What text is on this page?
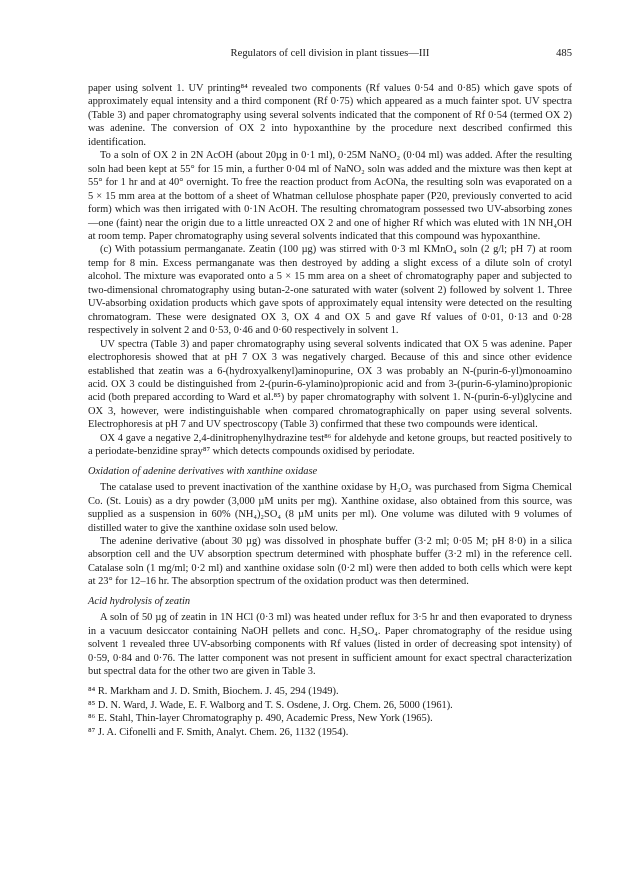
Regulators of cell division in plant tissues—III	485

paper using solvent 1. UV printing⁸⁴ revealed two components (Rf values 0·54 and 0·85) which gave spots of approximately equal intensity and a third component (Rf 0·75) which appeared as a much fainter spot. UV spectra (Table 3) and paper chromatography using several solvents indicated that the component of Rf 0·54 (termed OX 2) was adenine. The conversion of OX 2 into hypoxanthine by the procedure next described confirmed this identification.

To a soln of OX 2 in 2N AcOH (about 20µg in 0·1 ml), 0·25M NaNO₂ (0·04 ml) was added. After the resulting soln had been kept at 55° for 15 min, a further 0·04 ml of NaNO₂ soln was added and the mixture was then kept at 55° for 1 hr and at 40° overnight. To free the reaction product from AcONa, the resulting soln was evaporated on a 5 × 15 mm area at the bottom of a sheet of Whatman cellulose phosphate paper (P20, previously converted to acid form) which was then irrigated with 0·1N AcOH. The resulting chromatogram possessed two UV-absorbing zones—one (faint) near the origin due to a little unreacted OX 2 and one of higher Rf which was eluted with 1N NH₄OH at room temp. Paper chromatography using several solvents indicated that this compound was hypoxanthine.

(c) With potassium permanganate. Zeatin (100 µg) was stirred with 0·3 ml KMnO₄ soln (2 g/l; pH 7) at room temp for 8 min. Excess permanganate was then destroyed by adding a slight excess of a dilute soln of crotyl alcohol. The mixture was evaporated onto a 5 × 15 mm area on a sheet of chromatography paper and subjected to two-dimensional chromatography using butan-2-one saturated with water (solvent 2) followed by solvent 1. Three UV-absorbing oxidation products which gave spots of approximately equal intensity were detected on the resulting chromatogram. These were designated OX 3, OX 4 and OX 5 and gave Rf values of 0·01, 0·13 and 0·28 respectively in solvent 2 and 0·53, 0·46 and 0·60 respectively in solvent 1.

UV spectra (Table 3) and paper chromatography using several solvents indicated that OX 5 was adenine. Paper electrophoresis showed that at pH 7 OX 3 was negatively charged. Because of this and since other evidence established that zeatin was a 6-(hydroxyalkenyl)aminopurine, OX 3 was probably an N-(purin-6-yl)monoamino acid. OX 3 could be distinguished from 2-(purin-6-ylamino)propionic acid and from 3-(purin-6-ylamino)propionic acid (both prepared according to Ward et al.⁸⁵) by paper chromatography with solvent 1. N-(purin-6-yl)glycine and OX 3, however, were indistinguishable when compared chromatographically on paper using several solvents. Electrophoresis at pH 7 and UV spectroscopy (Table 3) confirmed that these two compounds were identical.

OX 4 gave a negative 2,4-dinitrophenylhydrazine test⁸⁶ for aldehyde and ketone groups, but reacted positively to a periodate-benzidine spray⁸⁷ which detects compounds oxidised by periodate.

Oxidation of adenine derivatives with xanthine oxidase

The catalase used to prevent inactivation of the xanthine oxidase by H₂O₂ was purchased from Sigma Chemical Co. (St. Louis) as a dry powder (3,000 µM units per mg). Xanthine oxidase, also obtained from this source, was supplied as a suspension in 60% (NH₄)₂SO₄ (8 µM units per ml). One volume was diluted with 9 volumes of distilled water to give the xanthine oxidase soln used below.

The adenine derivative (about 30 µg) was dissolved in phosphate buffer (3·2 ml; 0·05 M; pH 8·0) in a silica absorption cell and the UV absorption spectrum determined with phosphate buffer (3·2 ml) in the reference cell. Catalase soln (1 mg/ml; 0·2 ml) and xanthine oxidase soln (0·2 ml) were then added to both cells which were kept at 23° for 12–16 hr. The absorption spectrum of the oxidation product was then determined.

Acid hydrolysis of zeatin

A soln of 50 µg of zeatin in 1N HCl (0·3 ml) was heated under reflux for 3·5 hr and then evaporated to dryness in a vacuum desiccator containing NaOH pellets and conc. H₂SO₄. Paper chromatography of the residue using solvent 1 revealed three UV-absorbing components with Rf values (listed in order of decreasing spot intensity) of 0·59, 0·84 and 0·76. The latter component was not present in sufficient amount for exact spectral characterization but spectral data for the other two are given in Table 3.

⁸⁴ R. Markham and J. D. Smith, Biochem. J. 45, 294 (1949).

⁸⁵ D. N. Ward, J. Wade, E. F. Walborg and T. S. Osdene, J. Org. Chem. 26, 5000 (1961).

⁸⁶ E. Stahl, Thin-layer Chromatography p. 490, Academic Press, New York (1965).

⁸⁷ J. A. Cifonelli and F. Smith, Analyt. Chem. 26, 1132 (1954).
